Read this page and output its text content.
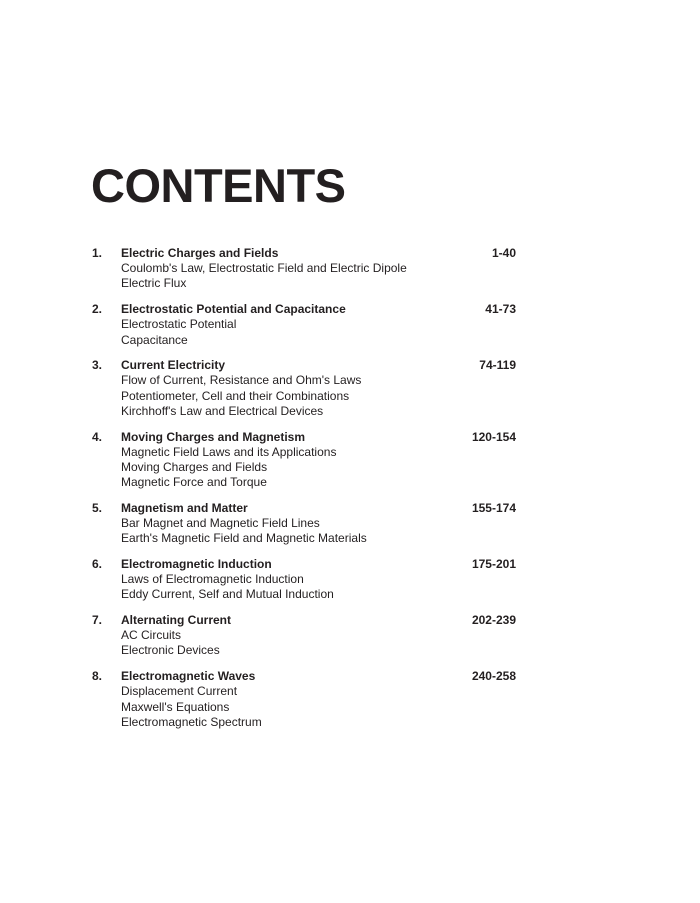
CONTENTS
1. Electric Charges and Fields	1-40
Coulomb's Law, Electrostatic Field and Electric Dipole
Electric Flux
2. Electrostatic Potential and Capacitance	41-73
Electrostatic Potential
Capacitance
3. Current Electricity	74-119
Flow of Current, Resistance and Ohm's Laws
Potentiometer, Cell and their Combinations
Kirchhoff's Law and Electrical Devices
4. Moving Charges and Magnetism	120-154
Magnetic Field Laws and its Applications
Moving Charges and Fields
Magnetic Force and Torque
5. Magnetism and Matter	155-174
Bar Magnet and Magnetic Field Lines
Earth's Magnetic Field and Magnetic Materials
6. Electromagnetic Induction	175-201
Laws of Electromagnetic Induction
Eddy Current, Self and Mutual Induction
7. Alternating Current	202-239
AC Circuits
Electronic Devices
8. Electromagnetic Waves	240-258
Displacement Current
Maxwell's Equations
Electromagnetic Spectrum
